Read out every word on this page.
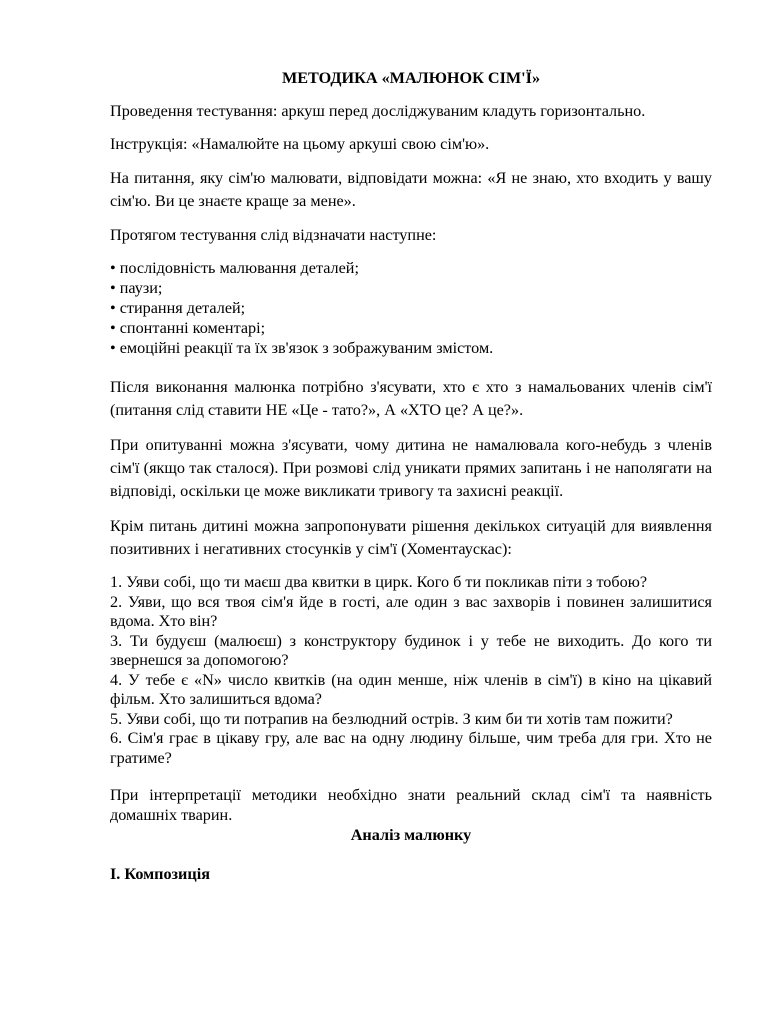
МЕТОДИКА «МАЛЮНОК СІМ'Ї»

Проведення тестування: аркуш перед досліджуваним кладуть горизонтально.

Інструкція: «Намалюйте на цьому аркуші свою сім'ю».

На питання, яку сім'ю малювати, відповідати можна: «Я не знаю, хто входить у вашу сім'ю. Ви це знаєте краще за мене».

Протягом тестування слід відзначати наступне:

• послідовність малювання деталей;
• паузи;
• стирання деталей;
• спонтанні коментарі;
• емоційні реакції та їх зв'язок з зображуваним змістом.

Після виконання малюнка потрібно з'ясувати, хто є хто з намальованих членів сім'ї (питання слід ставити НЕ «Це - тато?», А «ХТО це? А це?».

При опитуванні можна з'ясувати, чому дитина не намалювала кого-небудь з членів сім'ї (якщо так сталося). При розмові слід уникати прямих запитань і не наполягати на відповіді, оскільки це може викликати тривогу та захисні реакції.

Крім питань дитині можна запропонувати рішення декількох ситуацій для виявлення позитивних і негативних стосунків у сім'ї (Хоментаускас):

1. Уяви собі, що ти маєш два квитки в цирк. Кого б ти покликав піти з тобою?
2. Уяви, що вся твоя сім'я йде в гості, але один з вас захворів і повинен залишитися вдома. Хто він?
3. Ти будуєш (малюєш) з конструктору будинок і у тебе не виходить. До кого ти звернешся за допомогою?
4. У тебе є «N» число квитків (на один менше, ніж членів в сім'ї) в кіно на цікавий фільм. Хто залишиться вдома?
5. Уяви собі, що ти потрапив на безлюдний острів. З ким би ти хотів там пожити?
6. Сім'я грає в цікаву гру, але вас на одну людину більше, чим треба для гри. Хто не гратиме?

При інтерпретації методики необхідно знати реальний склад сім'ї та наявність домашніх тварин.

Аналіз малюнку
І. Композиція
